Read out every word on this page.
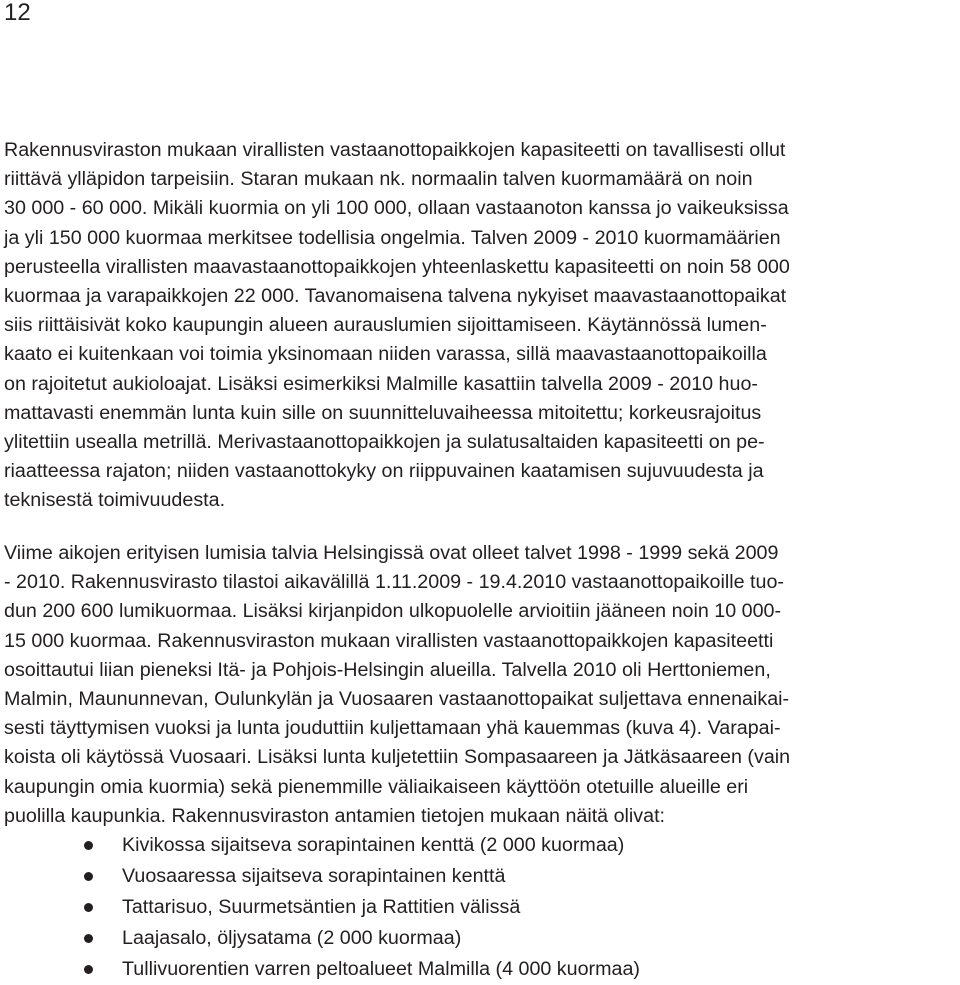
12

Rakennusviraston mukaan virallisten vastaanottopaikkojen kapasiteetti on tavallisesti ollut

riittävä ylläpidon tarpeisiin. Staran mukaan nk. normaalin talven kuormamäärä on noin

30 000 - 60 000. Mikäli kuormia on yli 100 000, ollaan vastaanoton kanssa jo vaikeuksissa

ja yli 150 000 kuormaa merkitsee todellisia ongelmia. Talven 2009 - 2010 kuormamäärien

perusteella virallisten maavastaanottopaikkojen yhteenlaskettu kapasiteetti on noin 58 000

kuormaa ja varapaikkojen 22 000. Tavanomaisena talvena nykyiset maavastaanottopaikat

siis riittäisivät koko kaupungin alueen aurauslumien sijoittamiseen. Käytännössä lumen-

kaato ei kuitenkaan voi toimia yksinomaan niiden varassa, sillä maavastaanottopaikoilla

on rajoitetut aukioloajat. Lisäksi esimerkiksi Malmille kasattiin talvella 2009 - 2010 huo-

mattavasti enemmän lunta kuin sille on suunnitteluvaiheessa mitoitettu; korkeusrajoitus

ylitettiin usealla metrillä. Merivastaanottopaikkojen ja sulatusaltaiden kapasiteetti on pe-

riaatteessa rajaton; niiden vastaanottokyky on riippuvainen kaatamisen sujuvuudesta ja

teknisestä toimivuudesta.

Viime aikojen erityisen lumisia talvia Helsingissä ovat olleet talvet 1998 - 1999 sekä 2009

- 2010. Rakennusvirasto tilastoi aikavälillä 1.11.2009 - 19.4.2010 vastaanottopaikoille tuo-

dun 200 600 lumikuormaa. Lisäksi kirjanpidon ulkopuolelle arvioitiin jääneen noin 10 000-

15 000 kuormaa. Rakennusviraston mukaan virallisten vastaanottopaikkojen kapasiteetti

osoittautui liian pieneksi Itä- ja Pohjois-Helsingin alueilla. Talvella 2010 oli Herttoniemen,

Malmin, Maununnevan, Oulunkylän ja Vuosaaren vastaanottopaikat suljettava ennenaikai-

sesti täyttymisen vuoksi ja lunta jouduttiin kuljettamaan yhä kauemmas (kuva 4). Varapai-

koista oli käytössä Vuosaari. Lisäksi lunta kuljetettiin Sompasaareen ja Jätkäsaareen (vain

kaupungin omia kuormia) sekä pienemmille väliaikaiseen käyttöön otetuille alueille eri

puolilla kaupunkia. Rakennusviraston antamien tietojen mukaan näitä olivat:

Kivikossa sijaitseva sorapintainen kenttä (2 000 kuormaa)
Vuosaaressa sijaitseva sorapintainen kenttä
Tattarisuo, Suurmetsäntien ja Rattitien välissä
Laajasalo, öljysatama (2 000 kuormaa)
Tullivuorentien varren peltoalueet Malmilla (4 000 kuormaa)
